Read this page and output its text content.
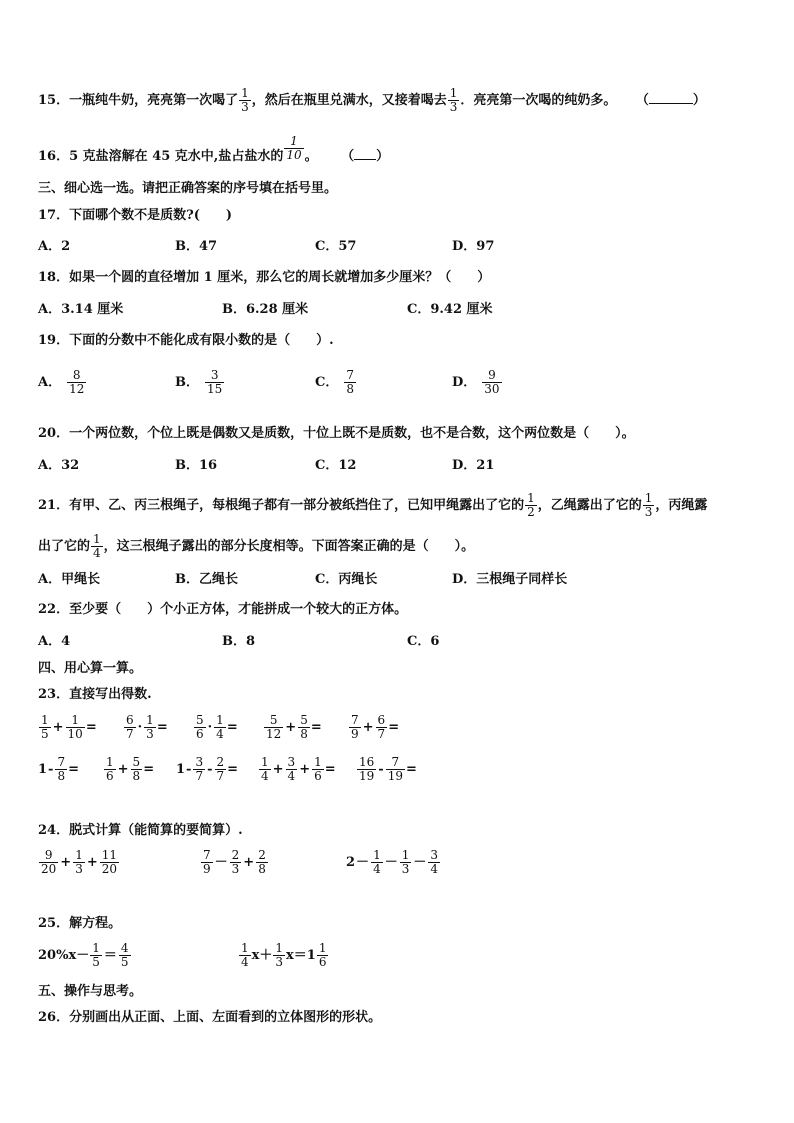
15．一瓶纯牛奶，亮亮第一次喝了 $\frac{1}{3}$ ，然后在瓶里兑满水，又接着喝去 $\frac{1}{3}$ ．亮亮第一次喝的纯奶多。 （	）
16．5 克盐溶解在 45 克水中,盐占盐水的 $\frac{1}{10}$ 。 （ ）
三、细心选一选。请把正确答案的序号填在括号里。
17．下面哪个数不是质数?(　　)
A．2	B．47	C．57	D．97
18．如果一个圆的直径增加 1 厘米，那么它的周长就增加多少厘米？（　　）
A．3.14 厘米	B．6.28 厘米	C．9.42 厘米
19．下面的分数中不能化成有限小数的是（　　）.
A． $\frac{8}{12}$	B． $\frac{3}{15}$	C． $\frac{7}{8}$	D． $\frac{9}{30}$
20．一个两位数，个位上既是偶数又是质数，十位上既不是质数，也不是合数，这个两位数是（　　）。
A．32	B．16	C．12	D．21
21．有甲、乙、丙三根绳子，每根绳子都有一部分被纸挡住了，已知甲绳露出了它的 $\frac{1}{2}$ ，乙绳露出了它的 $\frac{1}{3}$ ，丙绳露
出了它的 $\frac{1}{4}$ ，这三根绳子露出的部分长度相等。下面答案正确的是（　　）。
A．甲绳长	B．乙绳长	C．丙绳长	D．三根绳子同样长
22．至少要（　　）个小正方体，才能拼成一个较大的正方体。
A．4	B．8	C．6
四、用心算一算。
23．直接写出得数.
$\frac{1}{5} + \frac{1}{10} = \frac{6}{7} \cdot \frac{1}{3} = \frac{5}{6} \cdot \frac{1}{4} = \frac{5}{12} + \frac{5}{8} = \frac{7}{9} + \frac{6}{7}$ =
$1 - \frac{7}{8} = \frac{1}{6} + \frac{5}{8} = 1 - \frac{3}{7} - \frac{2}{7} = \frac{1}{4} + \frac{3}{4} + \frac{1}{6} = \frac{16}{19} - \frac{7}{19}$ =
24．脱式计算（能简算的要简算）.
$\frac{9}{20} + \frac{1}{3} + \frac{11}{20}$	$\frac{7}{9} - \frac{2}{3} + \frac{2}{8}$	$2 - \frac{1}{4} - \frac{1}{3} - \frac{3}{4}$
25．解方程。
$20\%x- \frac{1}{5} = \frac{4}{5}$	$\frac{1}{4} x+ \frac{1}{3} x=1 \frac{1}{6}$
五、操作与思考。
26．分别画出从正面、上面、左面看到的立体图形的形状。
